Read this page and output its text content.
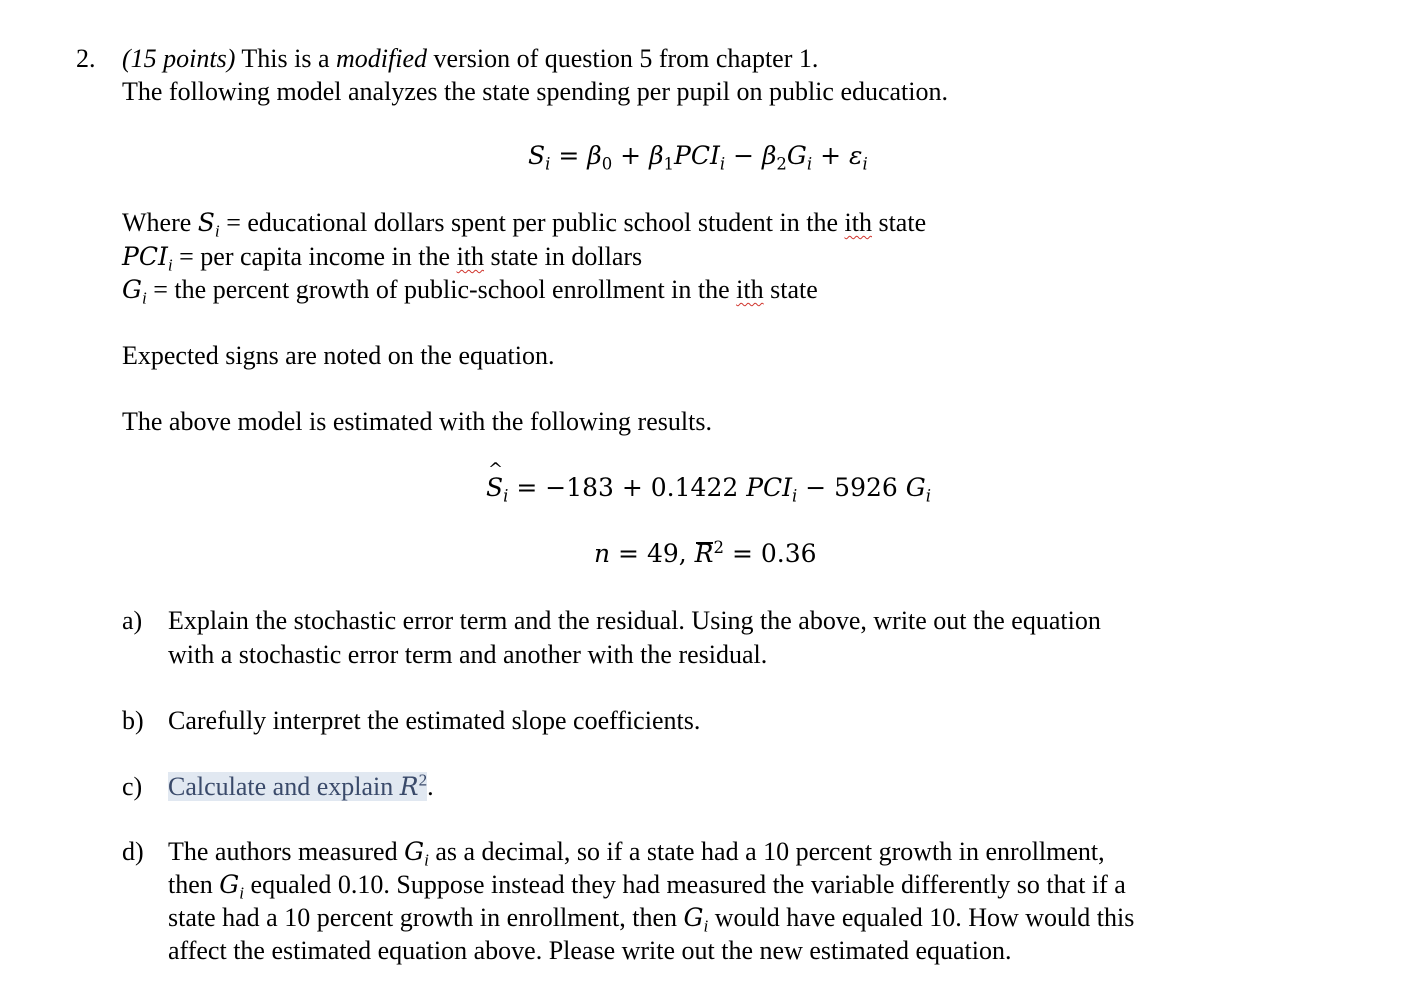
2. (15 points) This is a modified version of question 5 from chapter 1.
The following model analyzes the state spending per pupil on public education.
$S_i = \beta_0 + \beta_1PCI_i - \beta_2G_i + \varepsilon_i$
Where $S_i$ = educational dollars spent per public school student in the ith state
$PCI_i$ = per capita income in the ith state in dollars
$G_i$ = the percent growth of public-school enrollment in the ith state
Expected signs are noted on the equation.
The above model is estimated with the following results.
^ $S_i = -183 + 0.1422$ $PCI_i - 5926$ $G_i$
n = 49, $R^2 = 0.36$
a) Explain the stochastic error term and the residual. Using the above, write out the equation
with a stochastic error term and another with the residual.
b) Carefully interpret the estimated slope coefficients.
c) Calculate and explain $R^2$.
d) The authors measured $G_i$ as a decimal, so if a state had a 10 percent growth in enrollment,
then $G_i$ equaled 0.10. Suppose instead they had measured the variable differently so that if a
state had a 10 percent growth in enrollment, then $G_i$ would have equaled 10. How would this
affect the estimated equation above. Please write out the new estimated equation.
